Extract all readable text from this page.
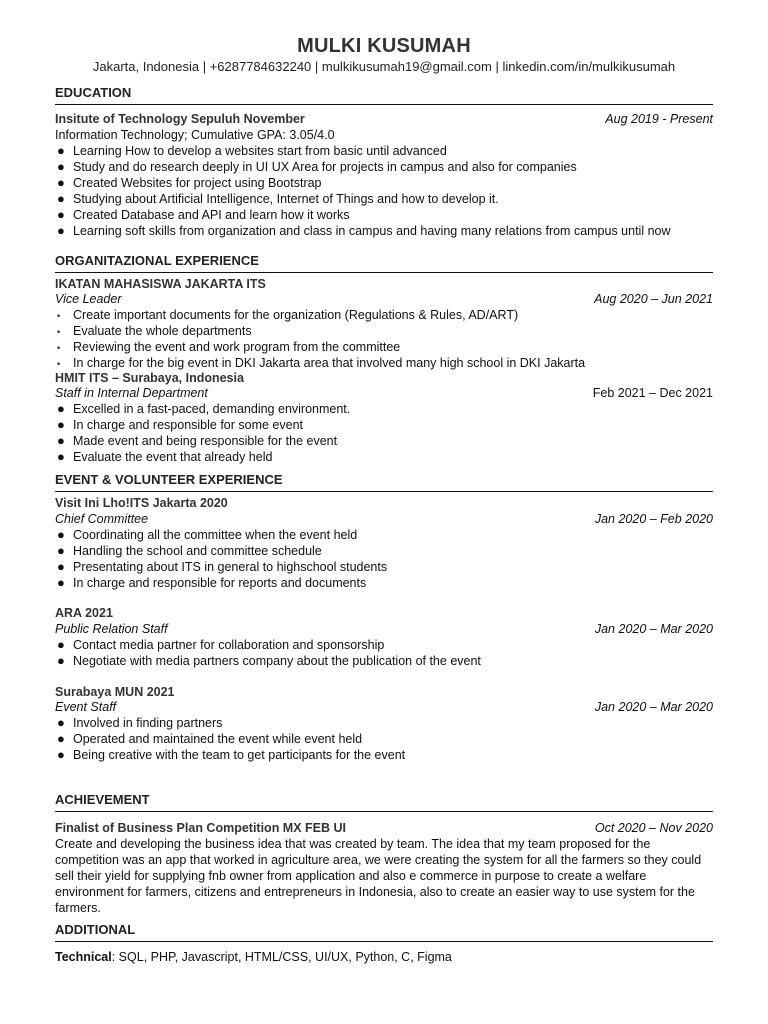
MULKI KUSUMAH
Jakarta, Indonesia | +6287784632240 | mulkikusumah19@gmail.com | linkedin.com/in/mulkikusumah
EDUCATION
Insitute of Technology Sepuluh November	Aug 2019 - Present
Information Technology; Cumulative GPA: 3.05/4.0
● Learning How to develop a websites start from basic until advanced
● Study and do research deeply in UI UX Area for projects in campus and also for companies
● Created Websites for project using Bootstrap
● Studying about Artificial Intelligence, Internet of Things and how to develop it.
● Created Database and API and learn how it works
● Learning soft skills from organization and class in campus and having many relations from campus until now
ORGANITAZIONAL EXPERIENCE
IKATAN MAHASISWA JAKARTA ITS
Vice Leader	Aug 2020 – Jun 2021
• Create important documents for the organization (Regulations & Rules, AD/ART)
• Evaluate the whole departments
• Reviewing the event and work program from the committee
• In charge for the big event in DKI Jakarta area that involved many high school in DKI Jakarta
HMIT ITS – Surabaya, Indonesia
Staff in Internal Department	Feb 2021 – Dec 2021
● Excelled in a fast-paced, demanding environment.
● In charge and responsible for some event
● Made event and being responsible for the event
● Evaluate the event that already held
EVENT & VOLUNTEER EXPERIENCE
Visit Ini Lho!ITS Jakarta 2020
Chief Committee	Jan 2020 – Feb 2020
● Coordinating all the committee when the event held
● Handling the school and committee schedule
● Presentating about ITS in general to highschool students
● In charge and responsible for reports and documents
ARA 2021
Public Relation Staff	Jan 2020 – Mar 2020
● Contact media partner for collaboration and sponsorship
● Negotiate with media partners company about the publication of the event
Surabaya MUN 2021
Event Staff	Jan 2020 – Mar 2020
● Involved in finding partners
● Operated and maintained the event while event held
● Being creative with the team to get participants for the event
ACHIEVEMENT
Finalist of Business Plan Competition MX FEB UI	Oct 2020 – Nov 2020
Create and developing the business idea that was created by team. The idea that my team proposed for the competition was an app that worked in agriculture area, we were creating the system for all the farmers so they could sell their yield for supplying fnb owner from application and also e commerce in purpose to create a welfare environment for farmers, citizens and entrepreneurs in Indonesia, also to create an easier way to use system for the farmers.
ADDITIONAL
Technical: SQL, PHP, Javascript, HTML/CSS, UI/UX, Python, C, Figma
